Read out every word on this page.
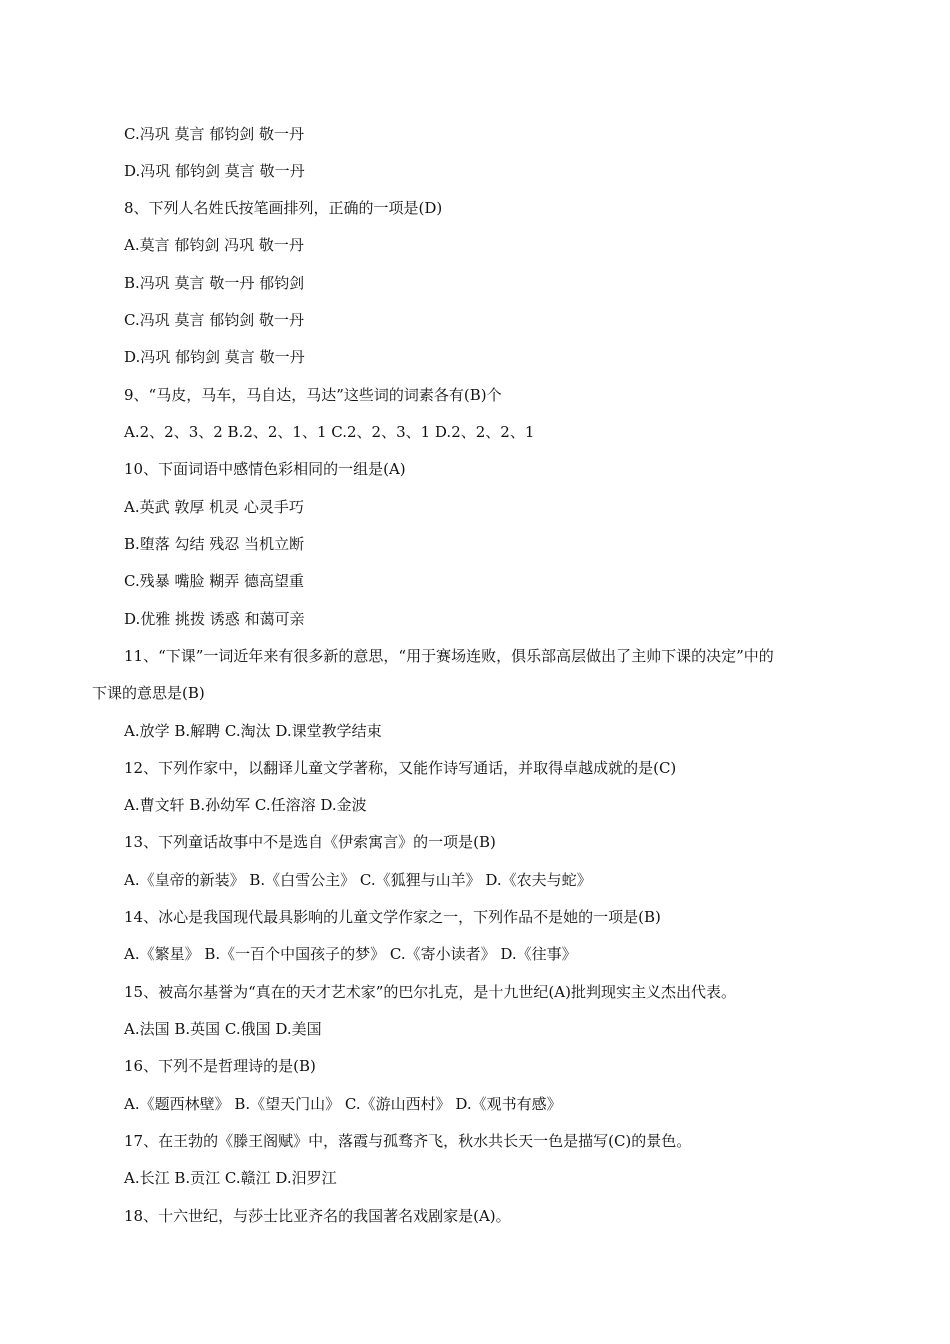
C.冯巩 莫言 郁钧剑 敬一丹
D.冯巩 郁钧剑 莫言 敬一丹
8、下列人名姓氏按笔画排列，正确的一项是(D)
A.莫言 郁钧剑 冯巩 敬一丹
B.冯巩 莫言 敬一丹 郁钧剑
C.冯巩 莫言 郁钧剑 敬一丹
D.冯巩 郁钧剑 莫言 敬一丹
9、“马皮，马车，马自达，马达”这些词的词素各有(B)个
A.2、2、3、2 B.2、2、1、1 C.2、2、3、1 D.2、2、2、1
10、下面词语中感情色彩相同的一组是(A)
A.英武 敦厚 机灵 心灵手巧
B.堕落 勾结 残忍 当机立断
C.残暴 嘴脸 糊弄 德高望重
D.优雅 挑拨 诱惑 和蔼可亲
11、“下课”一词近年来有很多新的意思，“用于赛场连败，俱乐部高层做出了主帅下课的决定”中的
下课的意思是(B)
A.放学 B.解聘 C.淘汰 D.课堂教学结束
12、下列作家中，以翻译儿童文学著称，又能作诗写通话，并取得卓越成就的是(C)
A.曹文轩 B.孙幼军 C.任溶溶 D.金波
13、下列童话故事中不是选自《伊索寓言》的一项是(B)
A.《皇帝的新装》 B.《白雪公主》 C.《狐狸与山羊》 D.《农夫与蛇》
14、冰心是我国现代最具影响的儿童文学作家之一，下列作品不是她的一项是(B)
A.《繁星》 B.《一百个中国孩子的梦》 C.《寄小读者》 D.《往事》
15、被高尔基誉为“真在的天才艺术家”的巴尔扎克，是十九世纪(A)批判现实主义杰出代表。
A.法国 B.英国 C.俄国 D.美国
16、下列不是哲理诗的是(B)
A.《题西林壁》 B.《望天门山》 C.《游山西村》 D.《观书有感》
17、在王勃的《滕王阁赋》中，落霞与孤骛齐飞，秋水共长天一色是描写(C)的景色。
A.长江 B.贡江 C.赣江 D.汨罗江
18、十六世纪，与莎士比亚齐名的我国著名戏剧家是(A)。
